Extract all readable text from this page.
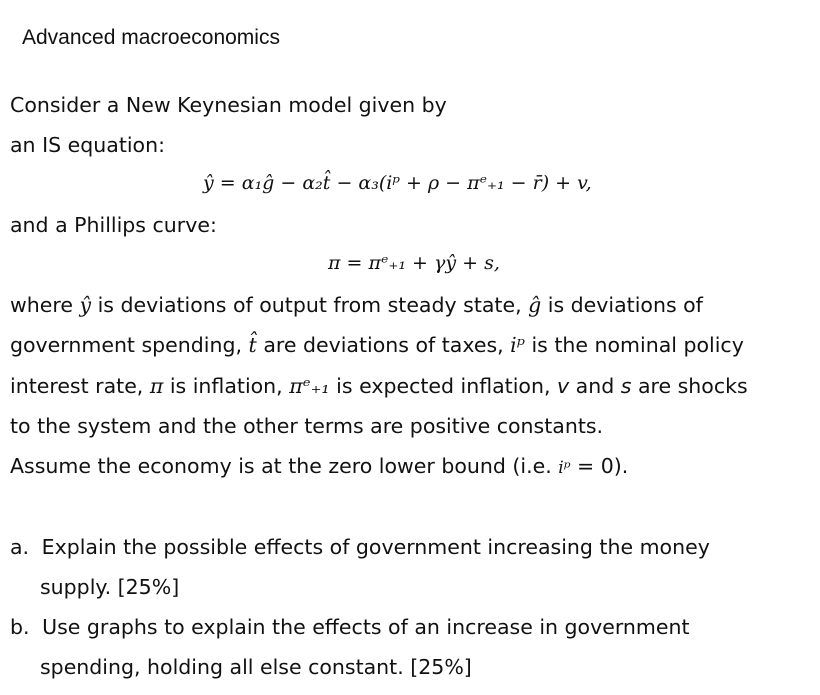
Advanced macroeconomics
Consider a New Keynesian model given by
an IS equation:
ŷ = α₁ĝ − α₂t̂ − α₃(iᵖ + ρ − πᵉ₊₁ − r̄) + v,
and a Phillips curve:
π = πᵉ₊₁ + γŷ + s,
where ŷ is deviations of output from steady state, ĝ is deviations of
government spending, t̂ are deviations of taxes, iᵖ is the nominal policy
interest rate, π is inflation, πᵉ₊₁ is expected inflation, v and s are shocks
to the system and the other terms are positive constants.
Assume the economy is at the zero lower bound (i.e. iᵖ = 0).
a. Explain the possible effects of government increasing the money
supply. [25%]
b. Use graphs to explain the effects of an increase in government
spending, holding all else constant. [25%]
